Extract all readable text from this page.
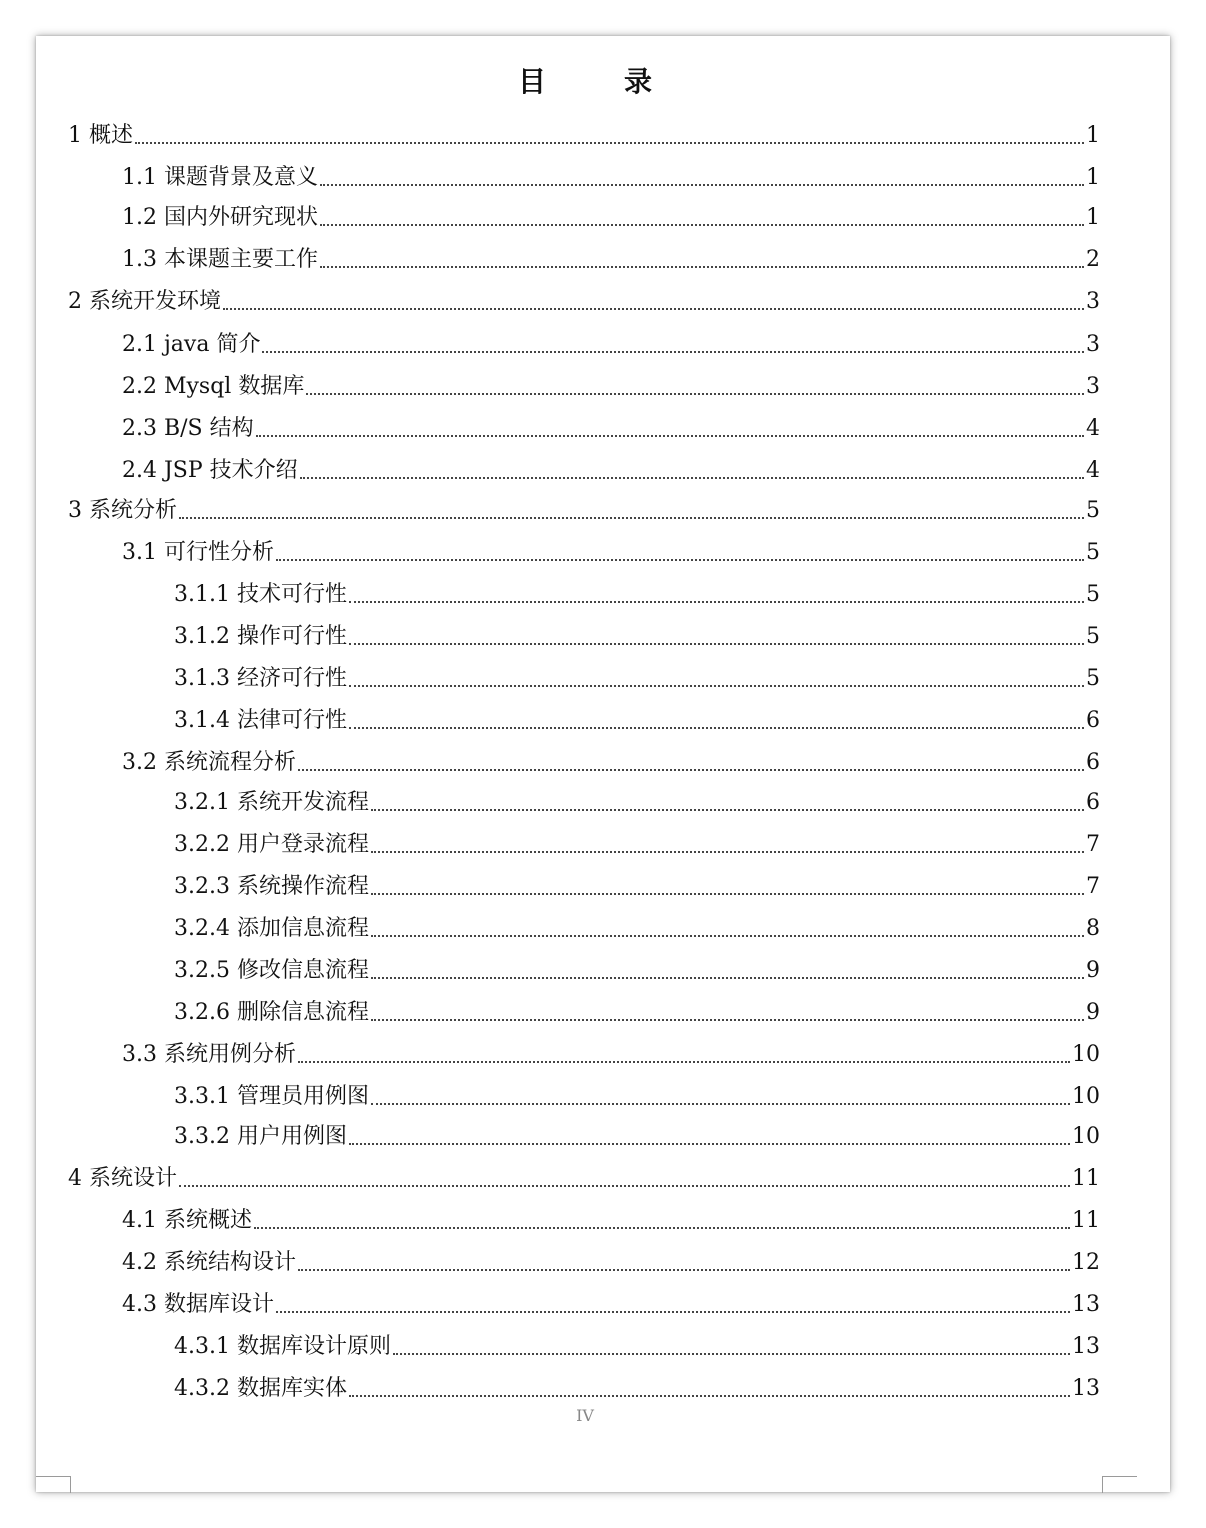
目	录
1 概述	1
1.1 课题背景及意义	1
1.2 国内外研究现状	1
1.3 本课题主要工作	2
2 系统开发环境	3
2.1 java 简介	3
2.2 Mysql 数据库	3
2.3 B/S 结构	4
2.4 JSP 技术介绍	4
3 系统分析	5
3.1 可行性分析	5
3.1.1 技术可行性	5
3.1.2 操作可行性	5
3.1.3 经济可行性	5
3.1.4 法律可行性	6
3.2 系统流程分析	6
3.2.1 系统开发流程	6
3.2.2 用户登录流程	7
3.2.3 系统操作流程	7
3.2.4 添加信息流程	8
3.2.5 修改信息流程	9
3.2.6 删除信息流程	9
3.3 系统用例分析	10
3.3.1 管理员用例图	10
3.3.2 用户用例图	10
4 系统设计	11
4.1 系统概述	11
4.2 系统结构设计	12
4.3 数据库设计	13
4.3.1 数据库设计原则	13
4.3.2 数据库实体	13
IV
